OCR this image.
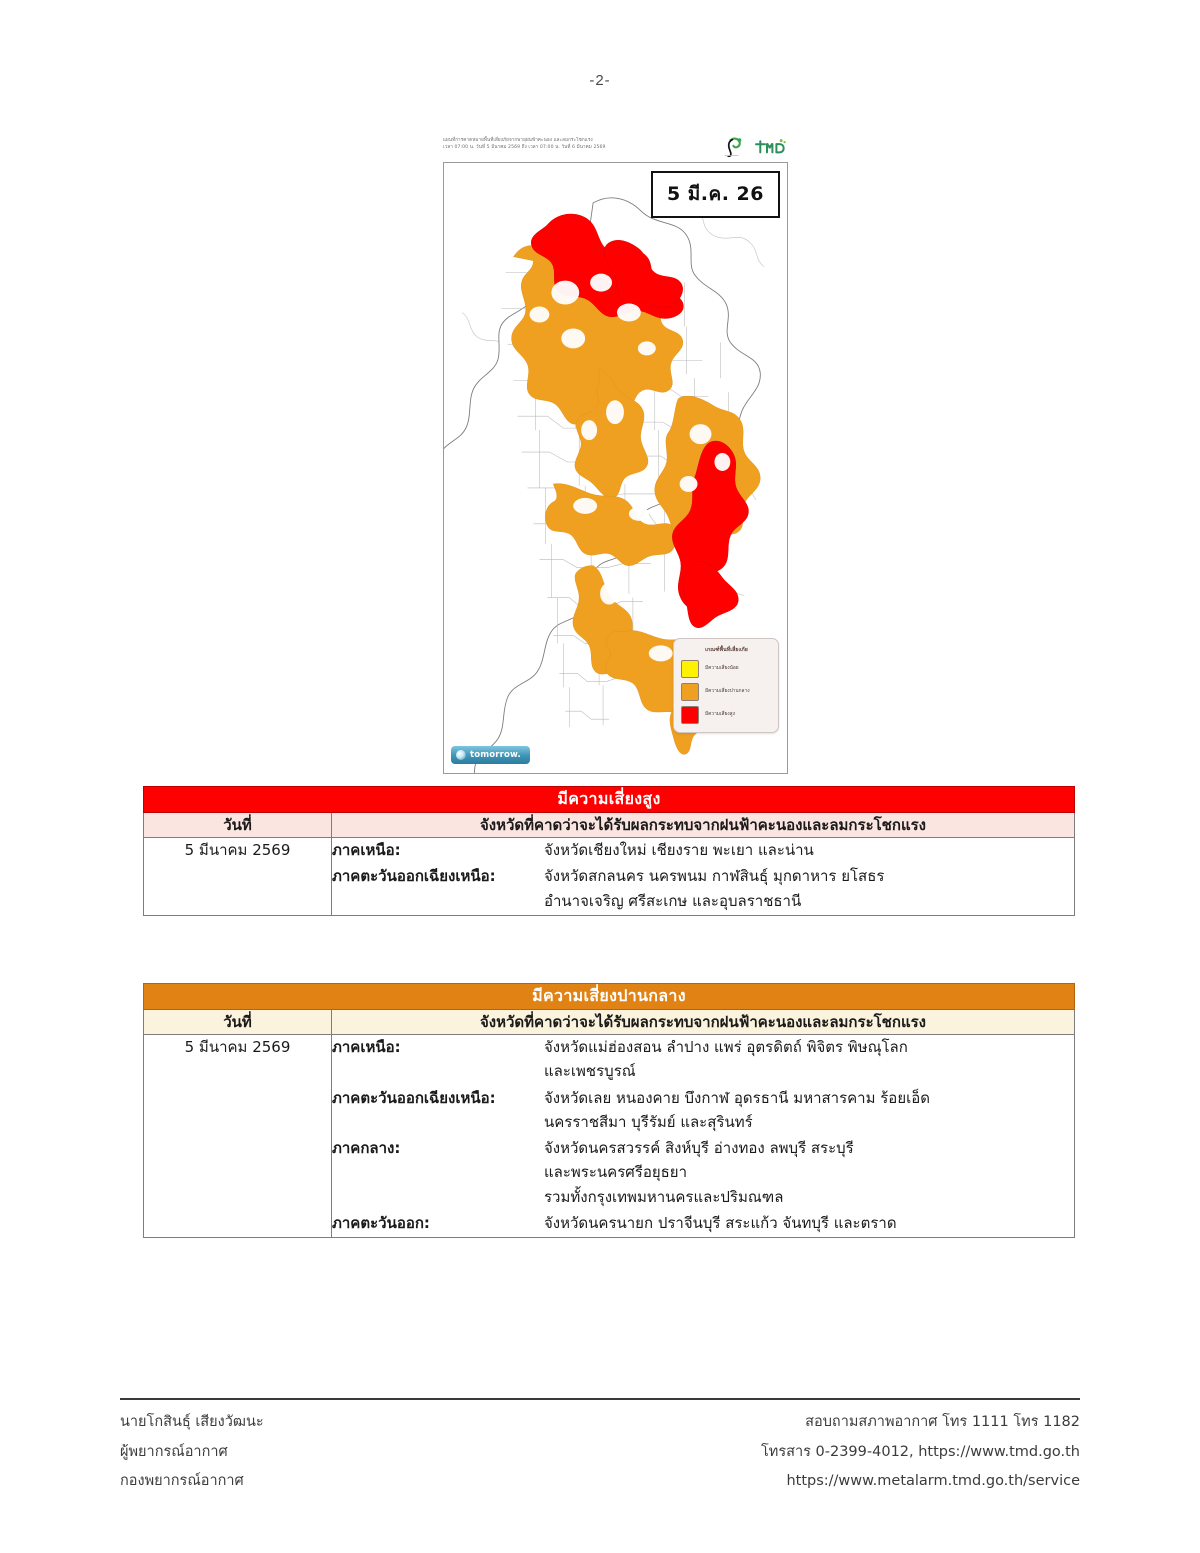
-2-
แผนที่การคาดหมายพื้นที่เสี่ยงภัยจากพายุฝนฟ้าคะนอง และลมกระโชกแรง
เวลา 07:00 น. วันที่ 5 มีนาคม 2569 ถึง เวลา 07:00 น. วันที่ 6 มีนาคม 2569
5 มี.ค. 26
เกณฑ์พื้นที่เสี่ยงภัย
มีความเสี่ยงน้อย
มีความเสี่ยงปานกลาง
มีความเสี่ยงสูง
tomorrow.
มีความเสี่ยงสูง	
วันที่	จังหวัดที่คาดว่าจะได้รับผลกระทบจากฝนฟ้าคะนองและลมกระโชกแรง
5 มีนาคม 2569	ภาคเหนือ: จังหวัดเชียงใหม่ เชียงราย พะเยา และน่าน
ภาคตะวันออกเฉียงเหนือ: จังหวัดสกลนคร นครพนม กาฬสินธุ์ มุกดาหาร ยโสธร
อำนาจเจริญ ศรีสะเกษ และอุบลราชธานี
มีความเสี่ยงปานกลาง	
วันที่	จังหวัดที่คาดว่าจะได้รับผลกระทบจากฝนฟ้าคะนองและลมกระโชกแรง
5 มีนาคม 2569	ภาคเหนือ:	จังหวัดแม่ฮ่องสอน ลำปาง แพร่ อุตรดิตถ์ พิจิตร พิษณุโลก
และเพชรบูรณ์
ภาคตะวันออกเฉียงเหนือ:	จังหวัดเลย หนองคาย บึงกาฬ อุดรธานี มหาสารคาม ร้อยเอ็ด
นครราชสีมา บุรีรัมย์ และสุรินทร์
ภาคกลาง:	จังหวัดนครสวรรค์ สิงห์บุรี อ่างทอง ลพบุรี สระบุรี
และพระนครศรีอยุธยา
รวมทั้งกรุงเทพมหานครและปริมณฑล
ภาคตะวันออก:	จังหวัดนครนายก ปราจีนบุรี สระแก้ว จันทบุรี และตราด
นายโกสินธุ์ เสียงวัฒนะ
ผู้พยากรณ์อากาศ
กองพยากรณ์อากาศ
สอบถามสภาพอากาศ โทร 1111 โทร 1182
โทรสาร 0-2399-4012, https://www.tmd.go.th
https://www.metalarm.tmd.go.th/service
